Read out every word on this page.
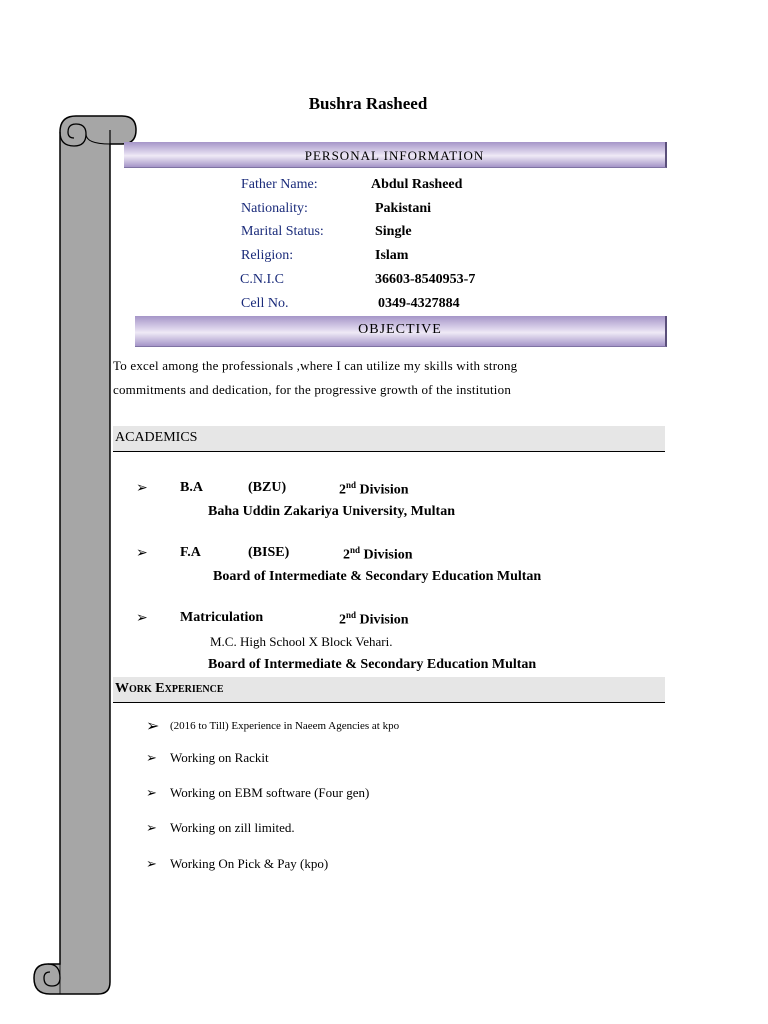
Bushra Rasheed
PERSONAL INFORMATION
Father Name:	Abdul Rasheed
Nationality:	Pakistani
Marital Status:	Single
Religion:	Islam
C.N.I.C	36603-8540953-7
Cell No.	0349-4327884
OBJECTIVE
To excel among the professionals ,where I can utilize my skills with strong
commitments and dedication, for the progressive growth of the institution
ACADEMICS
➢ B.A	(BZU)	2nd Division
Baha Uddin Zakariya University, Multan
➢ F.A	(BISE)	2nd Division
Board of Intermediate & Secondary Education Multan
➢ Matriculation	2nd Division
M.C. High School X Block Vehari.
Board of Intermediate & Secondary Education Multan
Work Experience
➢ (2016 to Till) Experience in Naeem Agencies at kpo
➢ Working on Rackit
➢ Working on EBM software (Four gen)
➢ Working on zill limited.
➢ Working On Pick & Pay (kpo)
